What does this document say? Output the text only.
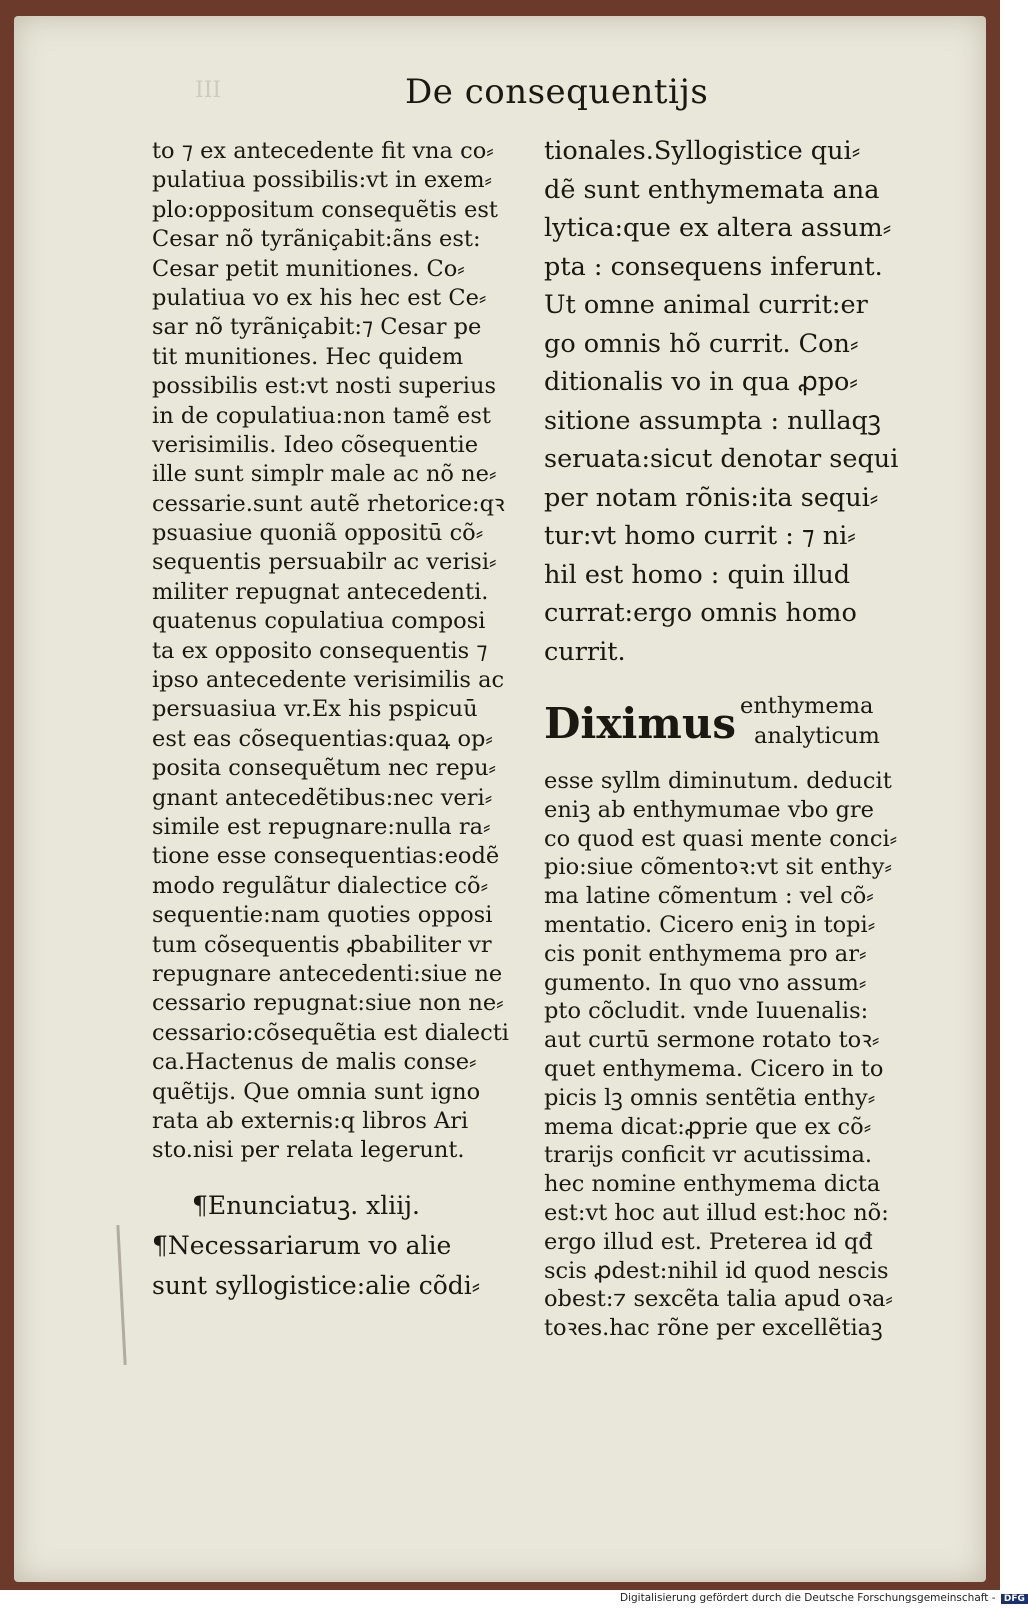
III	De consequentijs
to ⁊ ex antecedente fit vna co⸗
pulatiua possibilis:vt in exem⸗
plo:oppositum consequẽtis est
Cesar nõ tyrãniçabit:ãns est:
Cesar petit munitiones. Co⸗
pulatiua vo ex his hec est Ce⸗
sar nõ tyrãniçabit:⁊ Cesar pe
tit munitiones. Hec quidem
possibilis est:vt nosti superius
in de copulatiua:non tamẽ est
verisimilis. Ideo cõsequentie
ille sunt simplr male ac nõ ne⸗
cessarie.sunt autẽ rhetorice:qꝛ
psuasiue quoniã oppositū cõ⸗
sequentis persuabilr ac verisi⸗
militer repugnat antecedenti.
quatenus copulatiua composi
ta ex opposito consequentis ⁊
ipso antecedente verisimilis ac
persuasiua vr.Ex his pspicuū
est eas cõsequentias:quaꝝ op⸗
posita consequẽtum nec repu⸗
gnant antecedẽtibus:nec veri⸗
simile est repugnare:nulla ra⸗
tione esse consequentias:eodẽ
modo regulãtur dialectice cõ⸗
sequentie:nam quoties opposi
tum cõsequentis ꝓbabiliter vr
repugnare antecedenti:siue ne
cessario repugnat:siue non ne⸗
cessario:cõsequẽtia est dialecti
ca.Hactenus de malis conse⸗
quẽtijs. Que omnia sunt igno
rata ab externis:q libros Ari
sto.nisi per relata legerunt.
¶Enunciatuꝫ. xliij.
¶Necessariarum vo alie
sunt syllogistice:alie cõdi⸗
tionales.Syllogistice qui⸗
dẽ sunt enthymemata ana
lytica:que ex altera assum⸗
pta : consequens inferunt.
Ut omne animal currit:er
go omnis hõ currit. Con⸗
ditionalis vo in qua ꝓpo⸗
sitione assumpta : nullaqꝫ
seruata:sicut denotar sequi
per notam rõnis:ita sequi⸗
tur:vt homo currit : ⁊ ni⸗
hil est homo : quin illud
currat:ergo omnis homo
currit.
Diximus enthymema
analyticum
esse syllm diminutum. deducit
eniꝫ ab enthymumae vbo gre
co quod est quasi mente conci⸗
pio:siue cõmentoꝛ:vt sit enthy⸗
ma latine cõmentum : vel cõ⸗
mentatio. Cicero eniꝫ in topi⸗
cis ponit enthymema pro ar⸗
gumento. In quo vno assum⸗
pto cõcludit. vnde Iuuenalis:
aut curtū sermone rotato toꝛ⸗
quet enthymema. Cicero in to
picis lꝫ omnis sentẽtia enthy⸗
mema dicat:ꝓprie que ex cõ⸗
trarijs conficit vr acutissima.
hec nomine enthymema dicta
est:vt hoc aut illud est:hoc nõ:
ergo illud est. Preterea id qđ
scis ꝓdest:nihil id quod nescis
obest:⁊ sexcẽta talia apud oꝛa⸗
toꝛes.hac rõne per excellẽtiaꝫ
Digitalisierung gefördert durch die Deutsche Forschungsgemeinschaft - DFG
